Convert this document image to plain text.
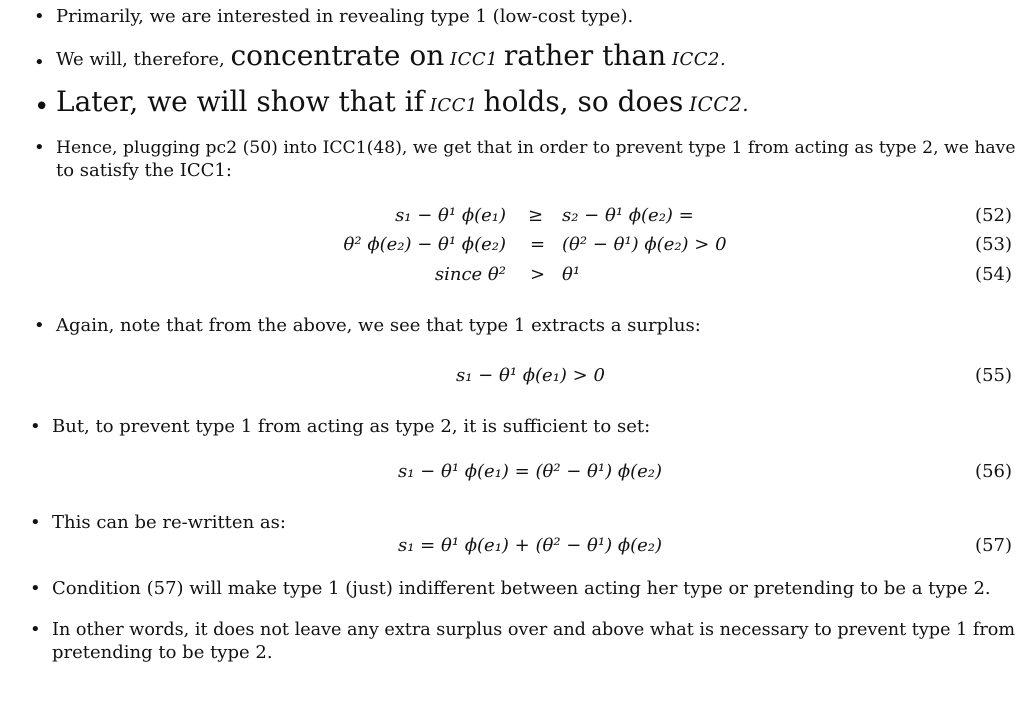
• Primarily, we are interested in revealing type 1 (low-cost type).
• We will, therefore, concentrate on ICC1 rather than ICC2.
• Later, we will show that if ICC1 holds, so does ICC2.
• Hence, plugging pc2 (50) into ICC1(48), we get that in order to prevent type 1 from acting as type 2, we have
to satisfy the ICC1:
s₁ − θ¹ ϕ(e₁) ≥ s₂ − θ¹ ϕ(e₂) =	(52)
θ² ϕ(e₂) − θ¹ ϕ(e₂) = (θ² − θ¹) ϕ(e₂) > 0	(53)
since θ² > θ¹	(54)
• Again, note that from the above, we see that type 1 extracts a surplus:
s₁ − θ¹ ϕ(e₁) > 0	(55)
• But, to prevent type 1 from acting as type 2, it is sufficient to set:
s₁ − θ¹ ϕ(e₁) = (θ² − θ¹) ϕ(e₂)	(56)
• This can be re-written as:
s₁ = θ¹ ϕ(e₁) + (θ² − θ¹) ϕ(e₂)	(57)
• Condition (57) will make type 1 (just) indifferent between acting her type or pretending to be a type 2.
• In other words, it does not leave any extra surplus over and above what is necessary to prevent type 1 from
pretending to be type 2.
